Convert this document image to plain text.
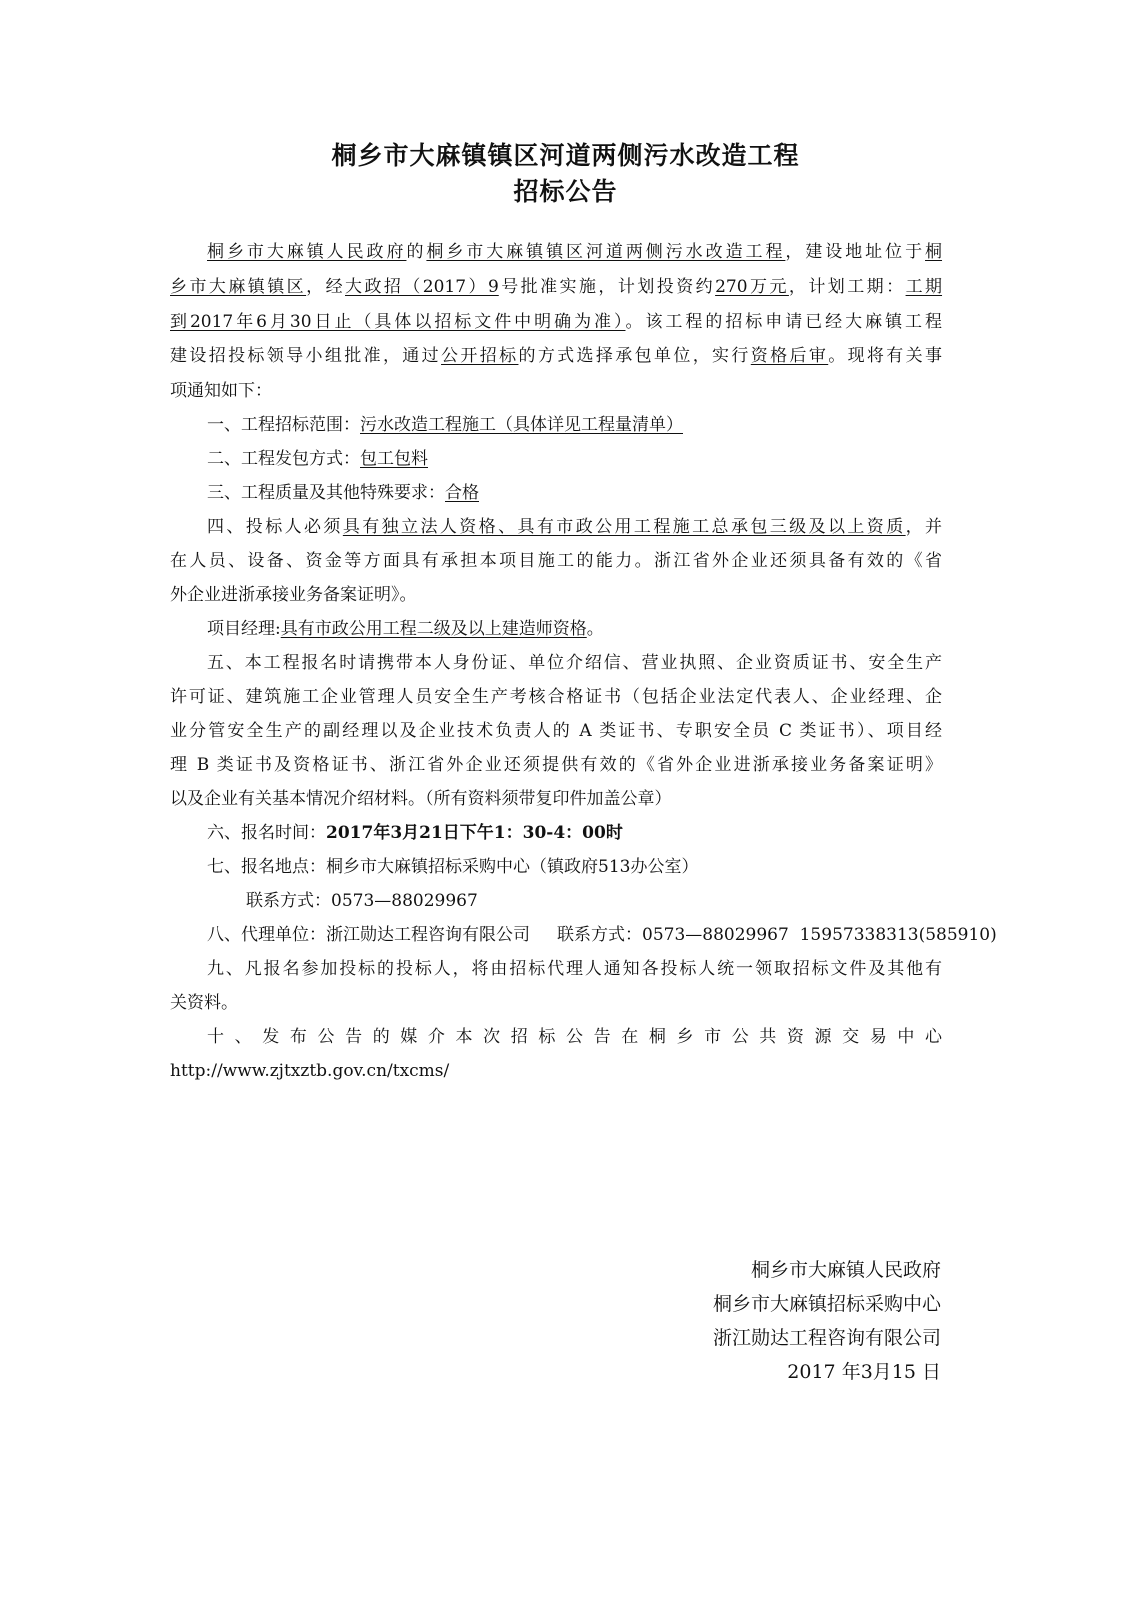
桐乡市大麻镇镇区河道两侧污水改造工程
招标公告
桐乡市大麻镇人民政府的桐乡市大麻镇镇区河道两侧污水改造工程，建设地址位于桐
乡市大麻镇镇区，经大政招（2017）9号批准实施，计划投资约270万元，计划工期：工期
到2017年6月30日止（具体以招标文件中明确为准）。该工程的招标申请已经大麻镇工程
建设招投标领导小组批准，通过公开招标的方式选择承包单位，实行资格后审。现将有关事
项通知如下：
一、工程招标范围：污水改造工程施工（具体详见工程量清单）
二、工程发包方式：包工包料
三、工程质量及其他特殊要求：合格
四、投标人必须具有独立法人资格、具有市政公用工程施工总承包三级及以上资质，并
在人员、设备、资金等方面具有承担本项目施工的能力。浙江省外企业还须具备有效的《省
外企业进浙承接业务备案证明》。
项目经理:具有市政公用工程二级及以上建造师资格。
五、本工程报名时请携带本人身份证、单位介绍信、营业执照、企业资质证书、安全生产
许可证、建筑施工企业管理人员安全生产考核合格证书（包括企业法定代表人、企业经理、企
业分管安全生产的副经理以及企业技术负责人的 A 类证书、专职安全员 C 类证书）、项目经
理 B 类证书及资格证书、浙江省外企业还须提供有效的《省外企业进浙承接业务备案证明》
以及企业有关基本情况介绍材料。（所有资料须带复印件加盖公章）
六、报名时间：2017年3月21日下午1：30-4：00时
七、报名地点：桐乡市大麻镇招标采购中心（镇政府513办公室）
联系方式：0573—88029967
八、代理单位：浙江勋达工程咨询有限公司     联系方式：0573—88029967  15957338313(585910)
九、凡报名参加投标的投标人，将由招标代理人通知各投标人统一领取招标文件及其他有
关资料。
十、发布公告的媒介本次招标公告在桐乡市公共资源交易中心
http://www.zjtxztb.gov.cn/txcms/
桐乡市大麻镇人民政府
桐乡市大麻镇招标采购中心
浙江勋达工程咨询有限公司
2017 年3月15 日
